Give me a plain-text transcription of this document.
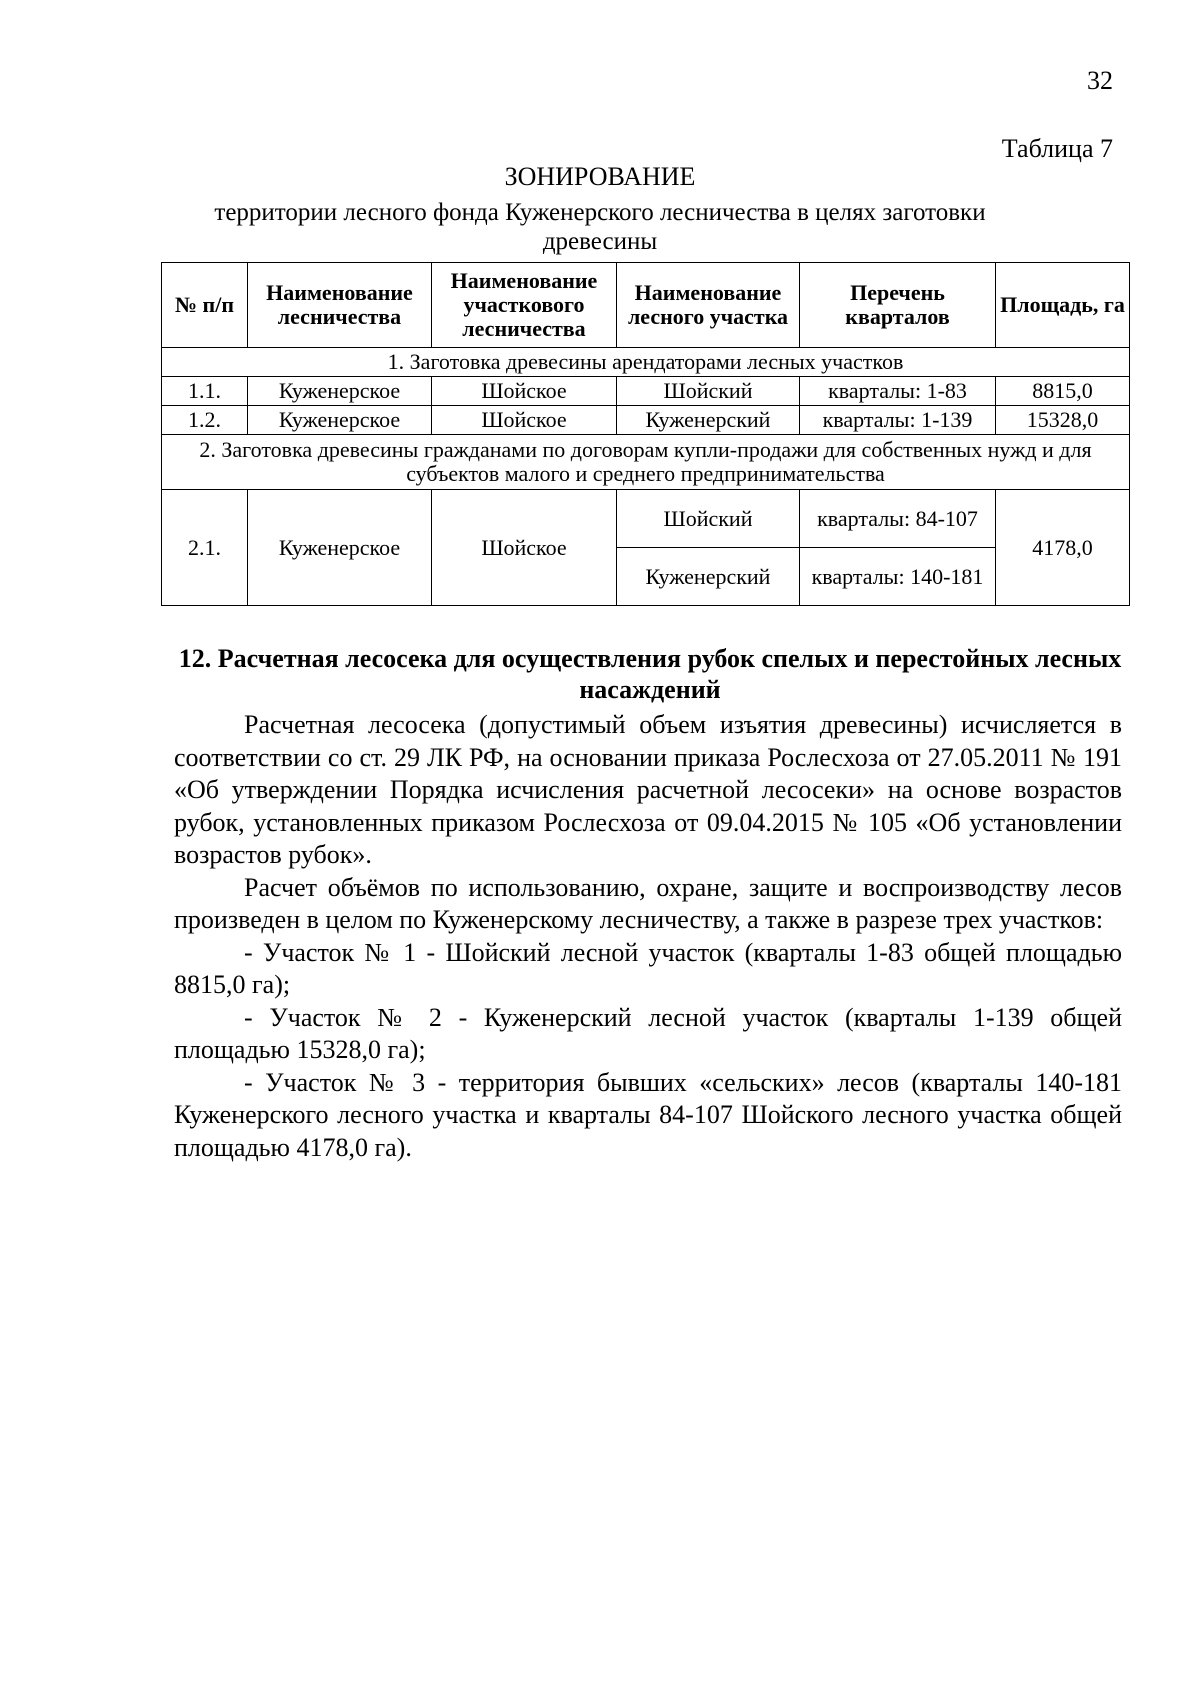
32
Таблица 7
ЗОНИРОВАНИЕ
территории лесного фонда Куженерского лесничества в целях заготовки древесины
№ п/п	Наименование лесничества	Наименование участкового лесничества	Наименование лесного участка	Перечень кварталов	Площадь, га
1. Заготовка древесины арендаторами лесных участков					
1.1.	Куженерское	Шойское	Шойский	кварталы: 1-83	8815,0
1.2.	Куженерское	Шойское	Куженерский	кварталы: 1-139	15328,0
2. Заготовка древесины гражданами по договорам купли-продажи для собственных нужд и для субъектов малого и среднего предпринимательства					
2.1.	Куженерское	Шойское	Шойский	кварталы: 84-107	4178,0
			Куженерский	кварталы: 140-181	
12. Расчетная лесосека для осуществления рубок спелых и перестойных лесных насаждений

Расчетная лесосека (допустимый объем изъятия древесины) исчисляется в соответствии со ст. 29 ЛК РФ, на основании приказа Рослесхоза от 27.05.2011 № 191 «Об утверждении Порядка исчисления расчетной лесосеки» на основе возрастов рубок, установленных приказом Рослесхоза от 09.04.2015 № 105 «Об установлении возрастов рубок».

Расчет объёмов по использованию, охране, защите и воспроизводству лесов произведен в целом по Куженерскому лесничеству, а также в разрезе трех участков:

- Участок № 1 - Шойский лесной участок (кварталы 1-83 общей площадью 8815,0 га);

- Участок № 2 - Куженерский лесной участок (кварталы 1-139 общей площадью 15328,0 га);

- Участок № 3 - территория бывших «сельских» лесов (кварталы 140-181 Куженерского лесного участка и кварталы 84-107 Шойского лесного участка общей площадью 4178,0 га).
